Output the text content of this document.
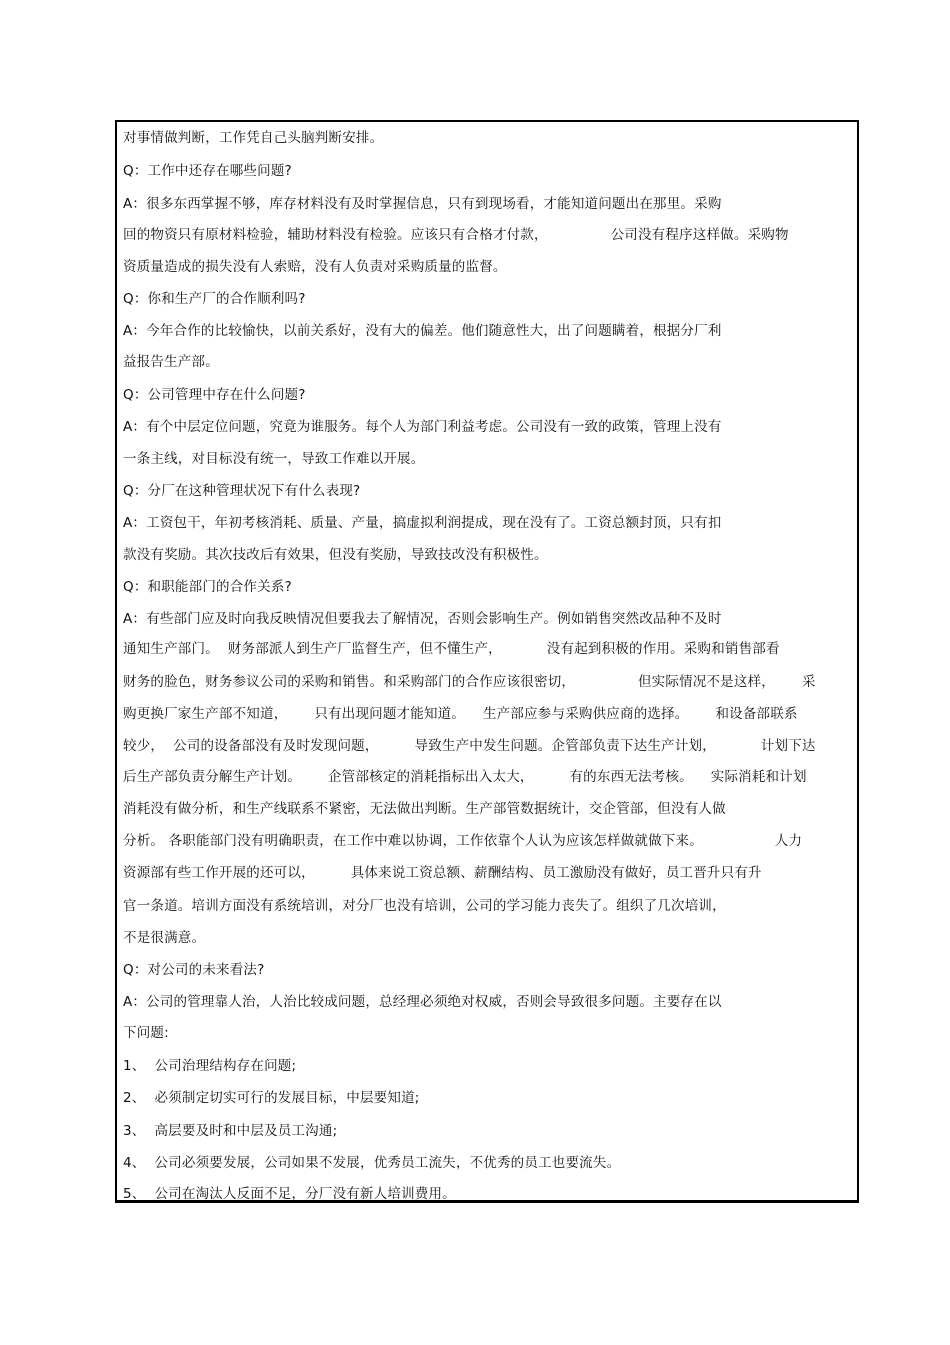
对事情做判断，工作凭自己头脑判断安排。
Q：工作中还存在哪些问题?
A：很多东西掌握不够，库存材料没有及时掌握信息，只有到现场看，才能知道问题出在那里。采购
回的物资只有原材料检验，辅助材料没有检验。应该只有合格才付款，              公司没有程序这样做。采购物
资质量造成的损失没有人索赔，没有人负责对采购质量的监督。
Q：你和生产厂的合作顺利吗?
A：今年合作的比较愉快，以前关系好，没有大的偏差。他们随意性大，出了问题瞒着，根据分厂利
益报告生产部。
Q：公司管理中存在什么问题?
A：有个中层定位问题，究竟为谁服务。每个人为部门利益考虑。公司没有一致的政策，管理上没有
一条主线，对目标没有统一，导致工作难以开展。
Q：分厂在这种管理状况下有什么表现?
A：工资包干，年初考核消耗、质量、产量，搞虚拟利润提成，现在没有了。工资总额封顶，只有扣
款没有奖励。其次技改后有效果，但没有奖励，导致技改没有积极性。
Q：和职能部门的合作关系?
A：有些部门应及时向我反映情况但要我去了解情况，否则会影响生产。例如销售突然改品种不及时
通知生产部门。  财务部派人到生产厂监督生产，但不懂生产，          没有起到积极的作用。采购和销售部看
财务的脸色，财务参议公司的采购和销售。和采购部门的合作应该很密切，              但实际情况不是这样，      采
购更换厂家生产部不知道，      只有出现问题才能知道。    生产部应参与采购供应商的选择。      和设备部联系
较少，  公司的设备部没有及时发现问题，        导致生产中发生问题。企管部负责下达生产计划，          计划下达
后生产部负责分解生产计划。      企管部核定的消耗指标出入太大，        有的东西无法考核。    实际消耗和计划
消耗没有做分析，和生产线联系不紧密，无法做出判断。生产部管数据统计，交企管部，但没有人做
分析。 各职能部门没有明确职责，在工作中难以协调，工作依靠个人认为应该怎样做就做下来。                人力
资源部有些工作开展的还可以，        具体来说工资总额、薪酬结构、员工激励没有做好，员工晋升只有升
官一条道。培训方面没有系统培训，对分厂也没有培训，公司的学习能力丧失了。组织了几次培训，
不是很满意。
Q：对公司的未来看法?
A：公司的管理靠人治，人治比较成问题，总经理必须绝对权威，否则会导致很多问题。主要存在以
下问题:
1、  公司治理结构存在问题;
2、  必须制定切实可行的发展目标，中层要知道;
3、  高层要及时和中层及员工沟通;
4、  公司必须要发展，公司如果不发展，优秀员工流失，不优秀的员工也要流失。
5、  公司在淘汰人反面不足，分厂没有新人培训费用。
